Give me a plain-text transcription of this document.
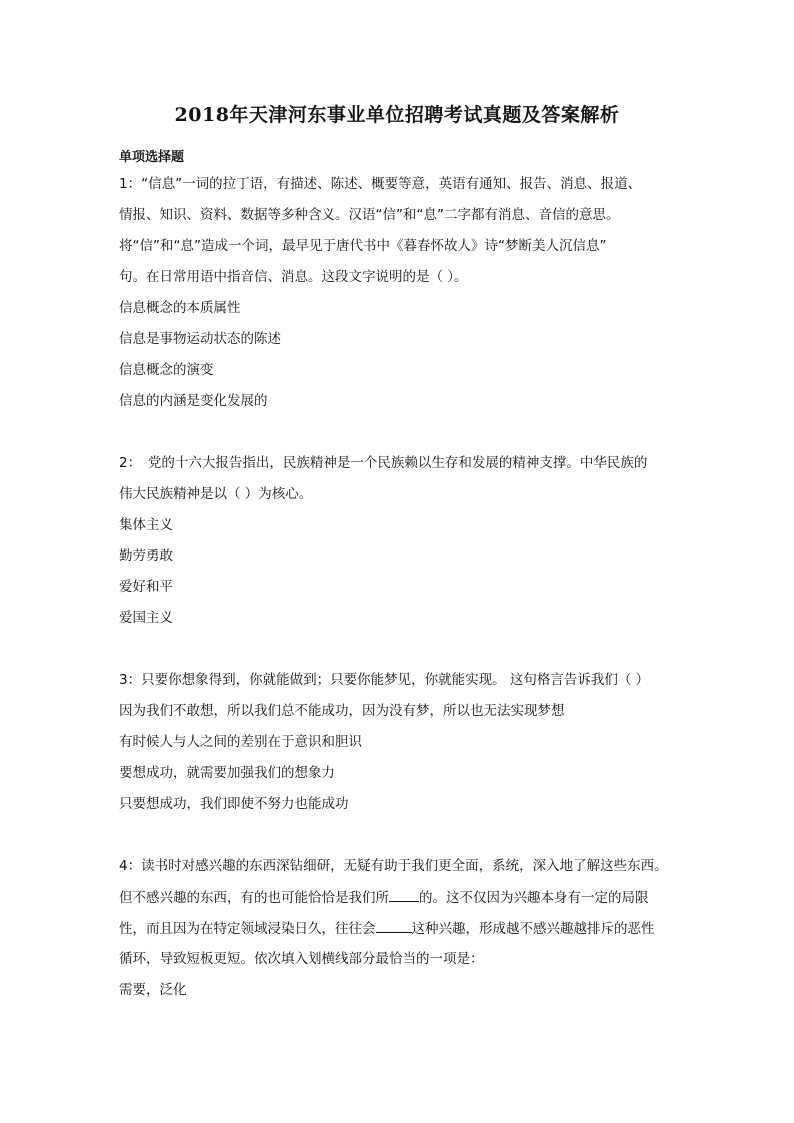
2018年天津河东事业单位招聘考试真题及答案解析
单项选择题
1：“信息”一词的拉丁语，有描述、陈述、概要等意，英语有通知、报告、消息、报道、
情报、知识、资料、数据等多种含义。汉语“信”和“息”二字都有消息、音信的意思。
将“信”和“息”造成一个词，最早见于唐代书中《暮春怀故人》诗“梦断美人沉信息”
句。在日常用语中指音信、消息。这段文字说明的是（ ）。
信息概念的本质属性
信息是事物运动状态的陈述
信息概念的演变
信息的内涵是变化发展的
2：　党的十六大报告指出，民族精神是一个民族赖以生存和发展的精神支撑。中华民族的
伟大民族精神是以（ ）为核心。
集体主义
勤劳勇敢
爱好和平
爱国主义
3：只要你想象得到，你就能做到；只要你能梦见，你就能实现。 这句格言告诉我们（ ）
因为我们不敢想，所以我们总不能成功，因为没有梦，所以也无法实现梦想
有时候人与人之间的差别在于意识和胆识
要想成功，就需要加强我们的想象力
只要想成功，我们即使不努力也能成功
4：读书时对感兴趣的东西深钻细研，无疑有助于我们更全面，系统，深入地了解这些东西。
但不感兴趣的东西，有的也可能恰恰是我们所 的。这不仅因为兴趣本身有一定的局限
性，而且因为在特定领域浸染日久，往往会	这种兴趣，形成越不感兴趣越排斥的恶性
循环，导致短板更短。依次填入划横线部分最恰当的一项是：
需要，泛化
